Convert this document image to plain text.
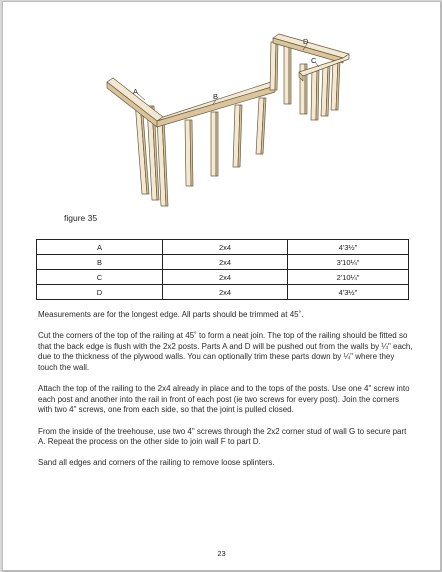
A
B
D
C
figure 35
A	2x4	4'3½"
B	2x4	3'10¼"
C	2x4	2'10¼"
D	2x4	4'3½"

Measurements are for the longest edge. All parts should be trimmed at 45˚.

Cut the corners of the top of the railing at 45˚ to form a neat join. The top of the railing should be fitted so that the back edge is flush with the 2x2 posts. Parts A and D will be pushed out from the walls by ¼" each, due to the thickness of the plywood walls. You can optionally trim these parts down by ¼" where they touch the wall.

Attach the top of the railing to the 2x4 already in place and to the tops of the posts. Use one 4" screw into each post and another into the rail in front of each post (ie two screws for every post). Join the corners with two 4" screws, one from each side, so that the joint is pulled closed.

From the inside of the treehouse, use two 4" screws through the 2x2 corner stud of wall G to secure part A. Repeat the process on the other side to join wall F to part D.

Sand all edges and corners of the railing to remove loose splinters.

23
